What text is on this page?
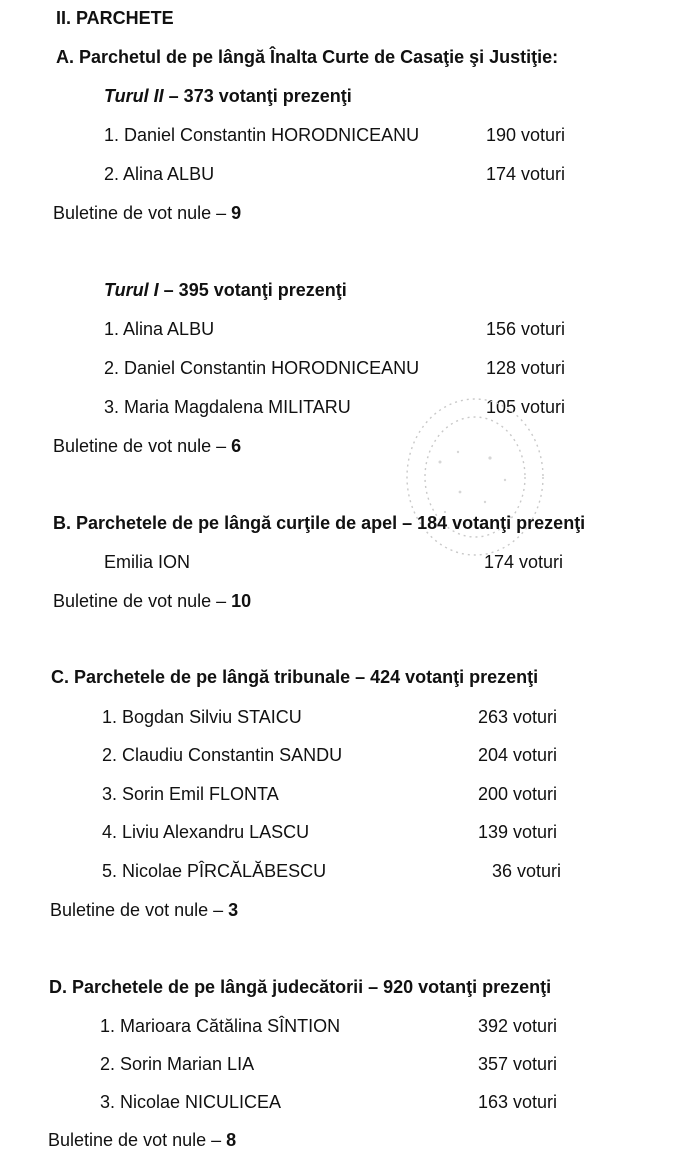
II. PARCHETE
A. Parchetul de pe lângă Înalta Curte de Casaţie şi Justiţie:
Turul II – 373 votanţi prezenţi
1. Daniel Constantin HORODNICEANU	190 voturi
2. Alina ALBU	174 voturi
Buletine de vot nule – 9
Turul I – 395 votanţi prezenţi
1. Alina ALBU	156 voturi
2. Daniel Constantin HORODNICEANU	128 voturi
3. Maria Magdalena MILITARU	105 voturi
Buletine de vot nule – 6
B. Parchetele de pe lângă curţile de apel – 184 votanţi prezenţi
Emilia ION	174 voturi
Buletine de vot nule – 10
C. Parchetele de pe lângă tribunale – 424 votanţi prezenţi
1. Bogdan Silviu STAICU	263 voturi
2. Claudiu Constantin SANDU	204 voturi
3. Sorin Emil FLONTA	200 voturi
4. Liviu Alexandru LASCU	139 voturi
5. Nicolae PÎRCĂLĂBESCU	36 voturi
Buletine de vot nule – 3
D. Parchetele de pe lângă judecătorii – 920 votanţi prezenţi
1. Marioara Cătălina SÎNTION	392 voturi
2. Sorin Marian LIA	357 voturi
3. Nicolae NICULICEA	163 voturi
Buletine de vot nule – 8
